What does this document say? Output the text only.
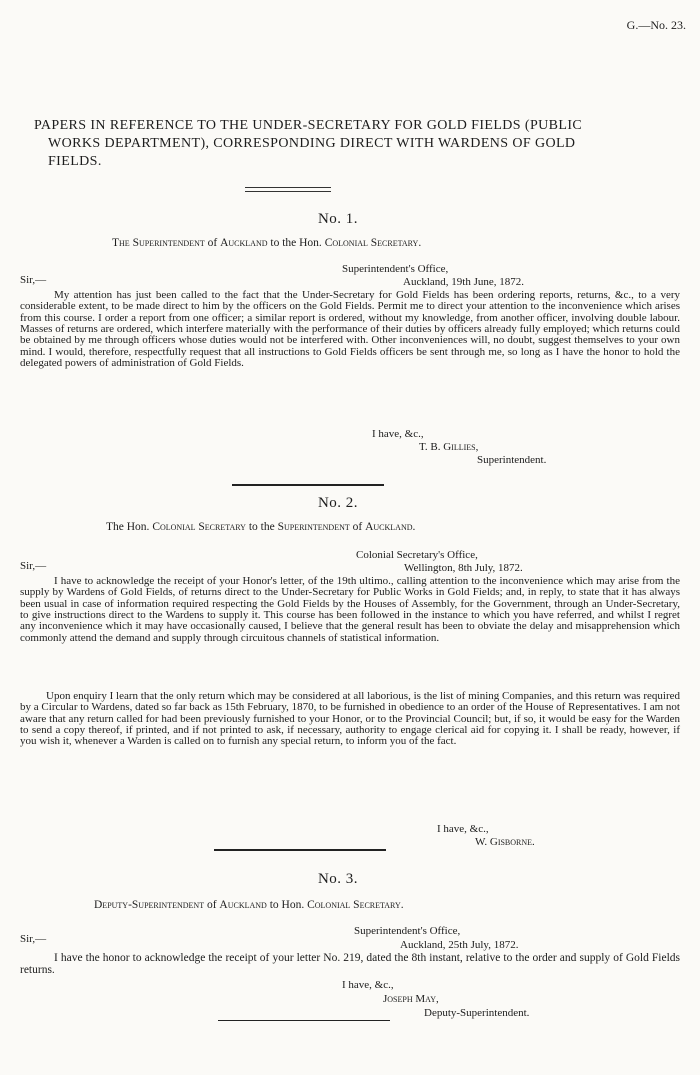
G.—No. 23.
PAPERS IN REFERENCE TO THE UNDER-SECRETARY FOR GOLD FIELDS (PUBLIC WORKS DEPARTMENT), CORRESPONDING DIRECT WITH WARDENS OF GOLD FIELDS.
No. 1.
The Superintendent of Auckland to the Hon. Colonial Secretary.
Sir,—
Superintendent's Office,
Auckland, 19th June, 1872.

My attention has just been called to the fact that the Under-Secretary for Gold Fields has been ordering reports, returns, &c., to a very considerable extent, to be made direct to him by the officers on the Gold Fields. Permit me to direct your attention to the inconvenience which arises from this course. I order a report from one officer; a similar report is ordered, without my knowledge, from another officer, involving double labour. Masses of returns are ordered, which interfere materially with the performance of their duties by officers already fully employed; which returns could be obtained by me through officers whose duties would not be interfered with. Other inconveniences will, no doubt, suggest themselves to your own mind. I would, therefore, respectfully request that all instructions to Gold Fields officers be sent through me, so long as I have the honor to hold the delegated powers of administration of Gold Fields.

I have, &c.,
T. B. Gillies,
Superintendent.
No. 2.
The Hon. Colonial Secretary to the Superintendent of Auckland.
Sir,—
Colonial Secretary's Office,
Wellington, 8th July, 1872.

I have to acknowledge the receipt of your Honor's letter, of the 19th ultimo., calling attention to the inconvenience which may arise from the supply by Wardens of Gold Fields, of returns direct to the Under-Secretary for Public Works in Gold Fields; and, in reply, to state that it has always been usual in case of information required respecting the Gold Fields by the Houses of Assembly, for the Government, through an Under-Secretary, to give instructions direct to the Wardens to supply it. This course has been followed in the instance to which you have referred, and whilst I regret any inconvenience which it may have occasionally caused, I believe that the general result has been to obviate the delay and misapprehension which commonly attend the demand and supply through circuitous channels of statistical information.

Upon enquiry I learn that the only return which may be considered at all laborious, is the list of mining Companies, and this return was required by a Circular to Wardens, dated so far back as 15th February, 1870, to be furnished in obedience to an order of the House of Representatives. I am not aware that any return called for had been previously furnished to your Honor, or to the Provincial Council; but, if so, it would be easy for the Warden to send a copy thereof, if printed, and if not printed to ask, if necessary, authority to engage clerical aid for copying it. I shall be ready, however, if you wish it, whenever a Warden is called on to furnish any special return, to inform you of the fact.

I have, &c.,
W. Gisborne.
No. 3.
Deputy-Superintendent of Auckland to Hon. Colonial Secretary.
Sir,—
Superintendent's Office,
Auckland, 25th July, 1872.

I have the honor to acknowledge the receipt of your letter No. 219, dated the 8th instant, relative to the order and supply of Gold Fields returns.

I have, &c.,
Joseph May,
Deputy-Superintendent.
